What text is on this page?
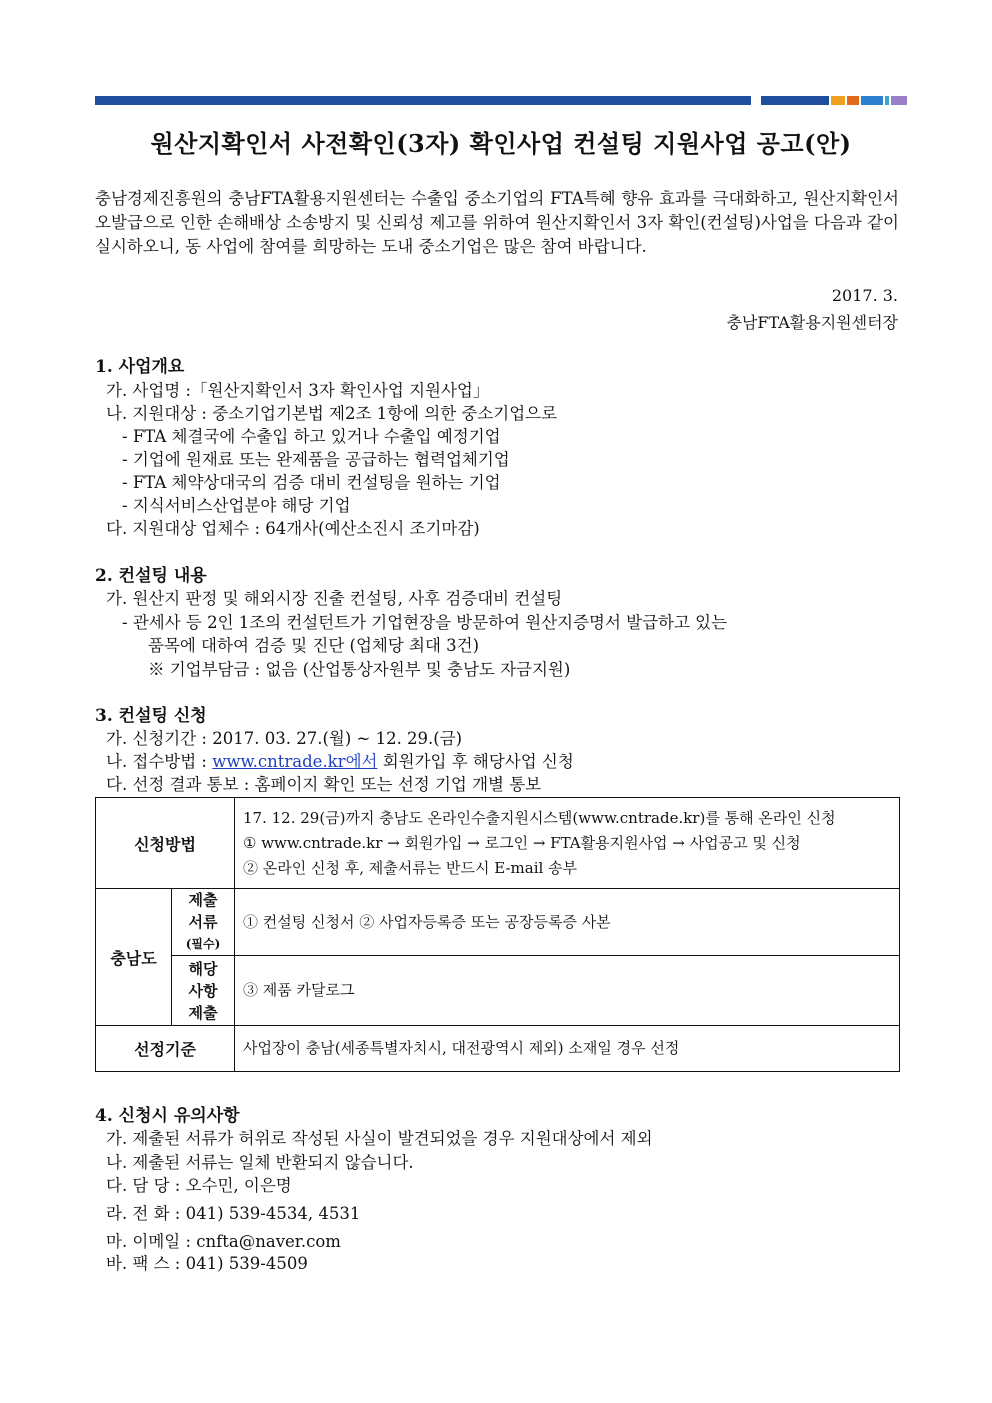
원산지확인서 사전확인(3자) 확인사업 컨설팅 지원사업 공고(안)
충남경제진흥원의 충남FTA활용지원센터는 수출입 중소기업의 FTA특혜 향유 효과를 극대화하고, 원산지확인서 오발급으로 인한 손해배상 소송방지 및 신뢰성 제고를 위하여 원산지확인서 3자 확인(컨설팅)사업을 다음과 같이 실시하오니, 동 사업에 참여를 희망하는 도내 중소기업은 많은 참여 바랍니다.
2017. 3.
충남FTA활용지원센터장
1. 사업개요
가. 사업명 :「원산지확인서 3자 확인사업 지원사업」
나. 지원대상 : 중소기업기본법 제2조 1항에 의한 중소기업으로
- FTA 체결국에 수출입 하고 있거나 수출입 예정기업
- 기업에 원재료 또는 완제품을 공급하는 협력업체기업
- FTA 체약상대국의 검증 대비 컨설팅을 원하는 기업
- 지식서비스산업분야 해당 기업
다. 지원대상 업체수 : 64개사(예산소진시 조기마감)
2. 컨설팅 내용
가. 원산지 판정 및 해외시장 진출 컨설팅, 사후 검증대비 컨설팅
- 관세사 등 2인 1조의 컨설턴트가 기업현장을 방문하여 원산지증명서 발급하고 있는
품목에 대하여 검증 및 진단 (업체당 최대 3건)
※ 기업부담금 : 없음 (산업통상자원부 및 충남도 자금지원)
3. 컨설팅 신청
가. 신청기간 : 2017. 03. 27.(월) ~ 12. 29.(금)
나. 접수방법 : www.cntrade.kr에서 회원가입 후 해당사업 신청
다. 선정 결과 통보 : 홈페이지 확인 또는 선정 기업 개별 통보
신청방법		17. 12. 29(금)까지 충남도 온라인수출지원시스템(www.cntrade.kr)를 통해 온라인 신청
① www.cntrade.kr → 회원가입 → 로그인 → FTA활용지원사업 → 사업공고 및 신청
② 온라인 신청 후, 제출서류는 반드시 E-mail 송부

충남도	제출
서류
(필수)	① 컨설팅 신청서 ② 사업자등록증 또는 공장등록증 사본

	해당
사항
제출	③ 제품 카달로그
선정기준		사업장이 충남(세종특별자치시, 대전광역시 제외) 소재일 경우 선정
4. 신청시 유의사항
가. 제출된 서류가 허위로 작성된 사실이 발견되었을 경우 지원대상에서 제외
나. 제출된 서류는 일체 반환되지 않습니다.
다. 담 당 : 오수민, 이은명
라. 전 화 : 041) 539-4534, 4531
마. 이메일 : cnfta@naver.com
바. 팩 스 : 041) 539-4509
